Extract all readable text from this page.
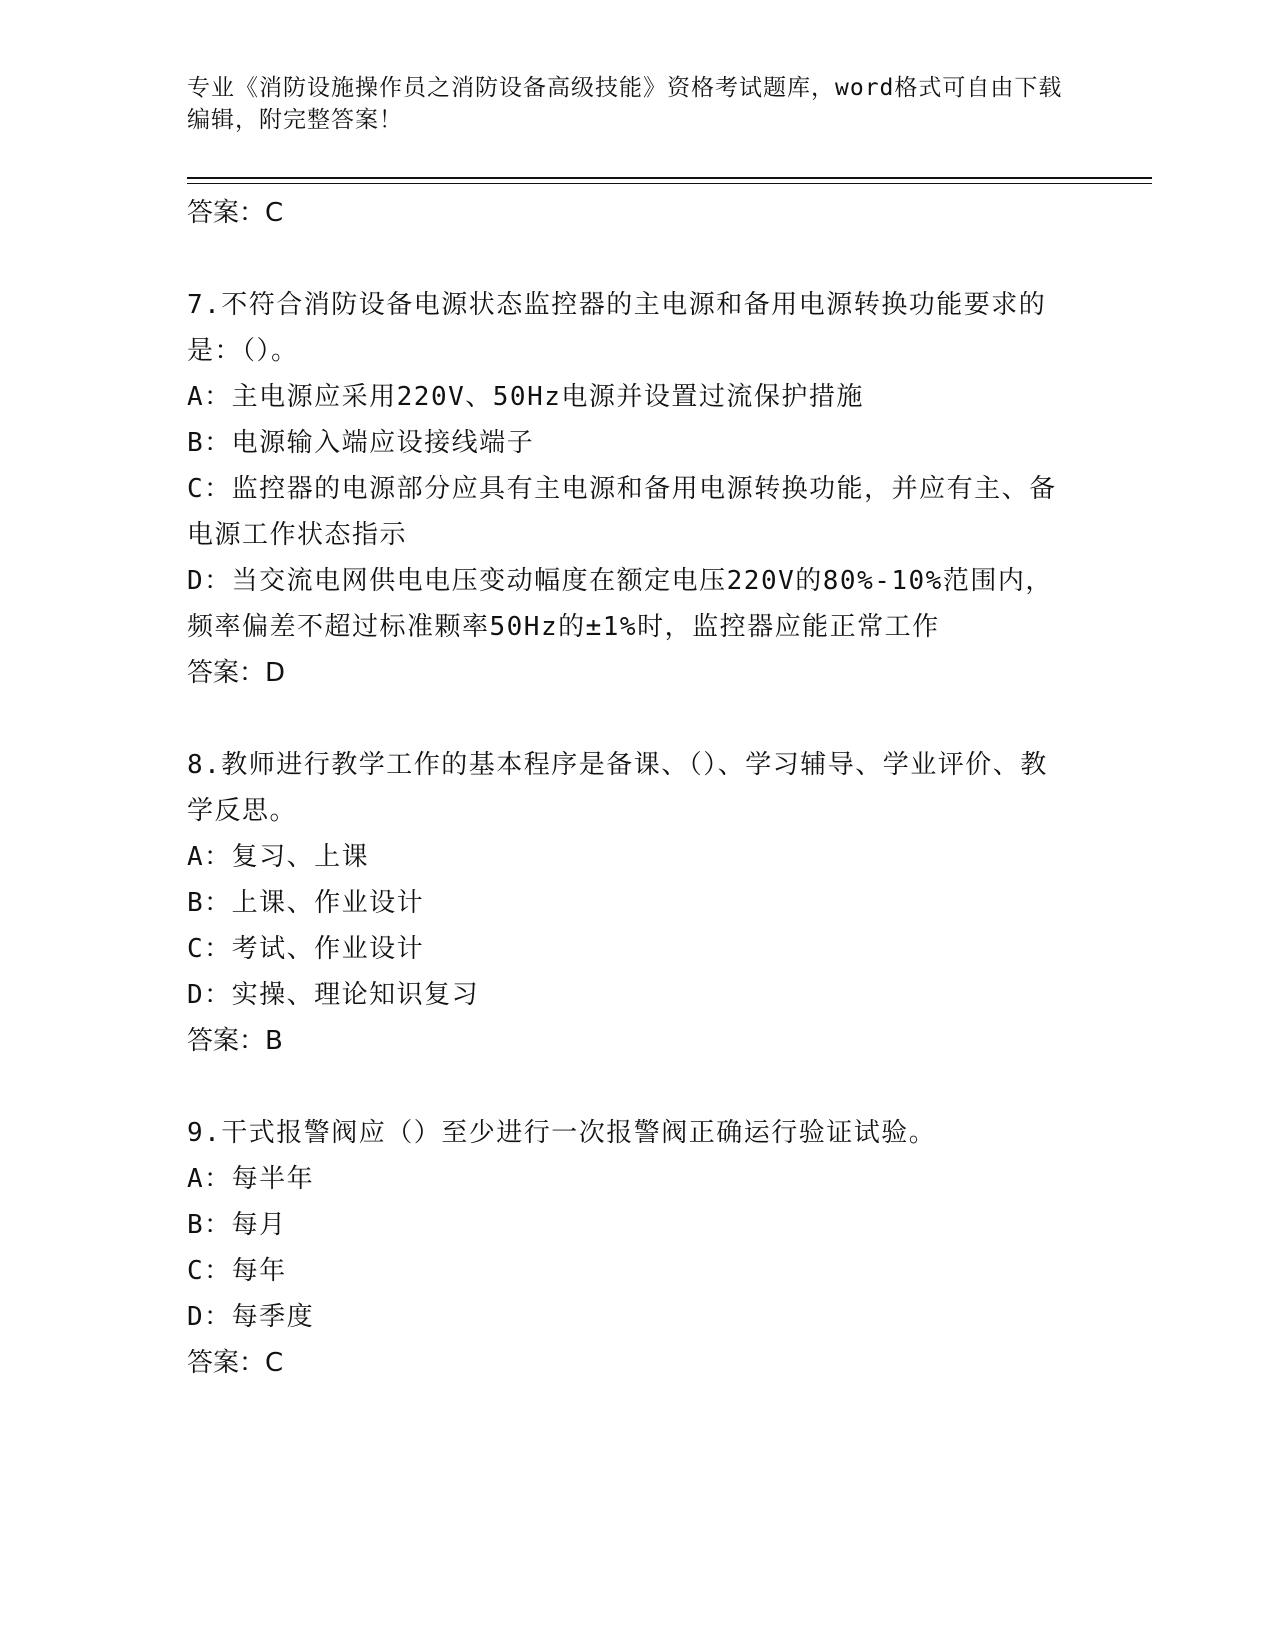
专业《消防设施操作员之消防设备高级技能》资格考试题库，word格式可自由下载编辑，附完整答案！

答案：C

7.不符合消防设备电源状态监控器的主电源和备用电源转换功能要求的是：（）。

A：主电源应采用220V、50Hz电源并设置过流保护措施

B：电源输入端应设接线端子

C：监控器的电源部分应具有主电源和备用电源转换功能，并应有主、备电源工作状态指示

D：当交流电网供电电压变动幅度在额定电压220V的80%-10%范围内，频率偏差不超过标准颗率50Hz的±1%时，监控器应能正常工作

答案：D

8.教师进行教学工作的基本程序是备课、（）、学习辅导、学业评价、教学反思。

A：复习、上课

B：上课、作业设计

C：考试、作业设计

D：实操、理论知识复习

答案：B

9.干式报警阀应（）至少进行一次报警阀正确运行验证试验。

A：每半年

B：每月

C：每年

D：每季度

答案：C
